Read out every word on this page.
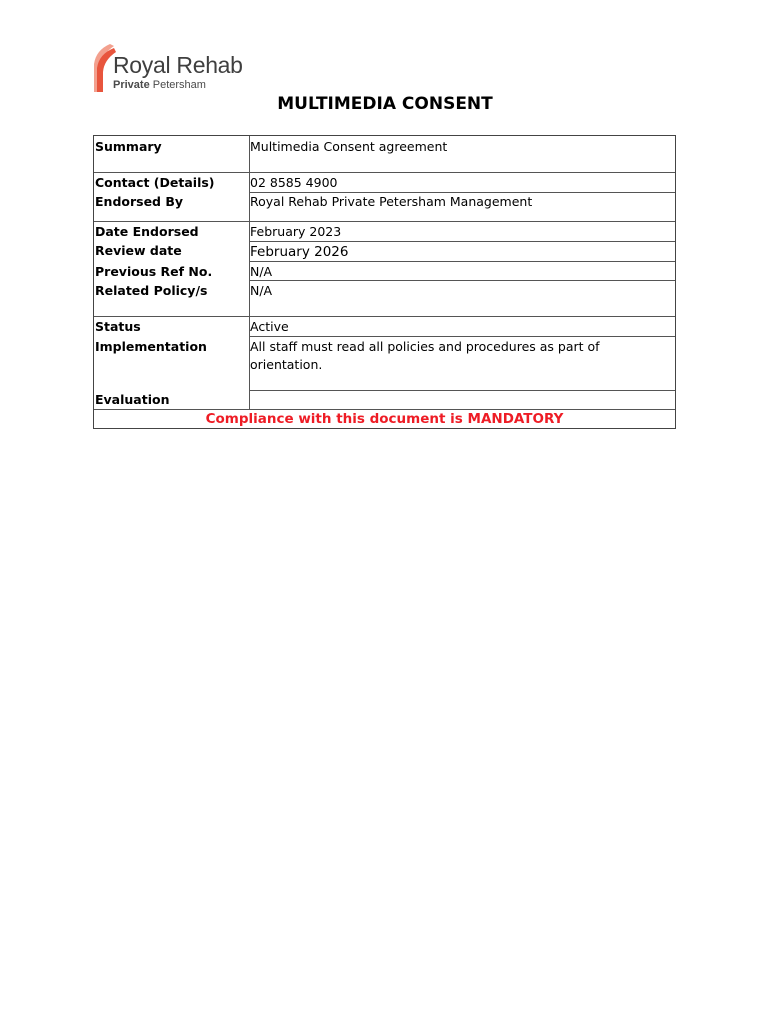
Royal Rehab
Private Petersham
MULTIMEDIA CONSENT
Summary
Contact (Details)
Endorsed By
Date Endorsed
Review date
Previous Ref No.
Related Policy/s
Status
Implementation
Evaluation
Multimedia Consent agreement
02 8585 4900
Royal Rehab Private Petersham Management
February 2023
February 2026
N/A
N/A
Active
All staff must read all policies and procedures as part of orientation.
Compliance with this document is MANDATORY
